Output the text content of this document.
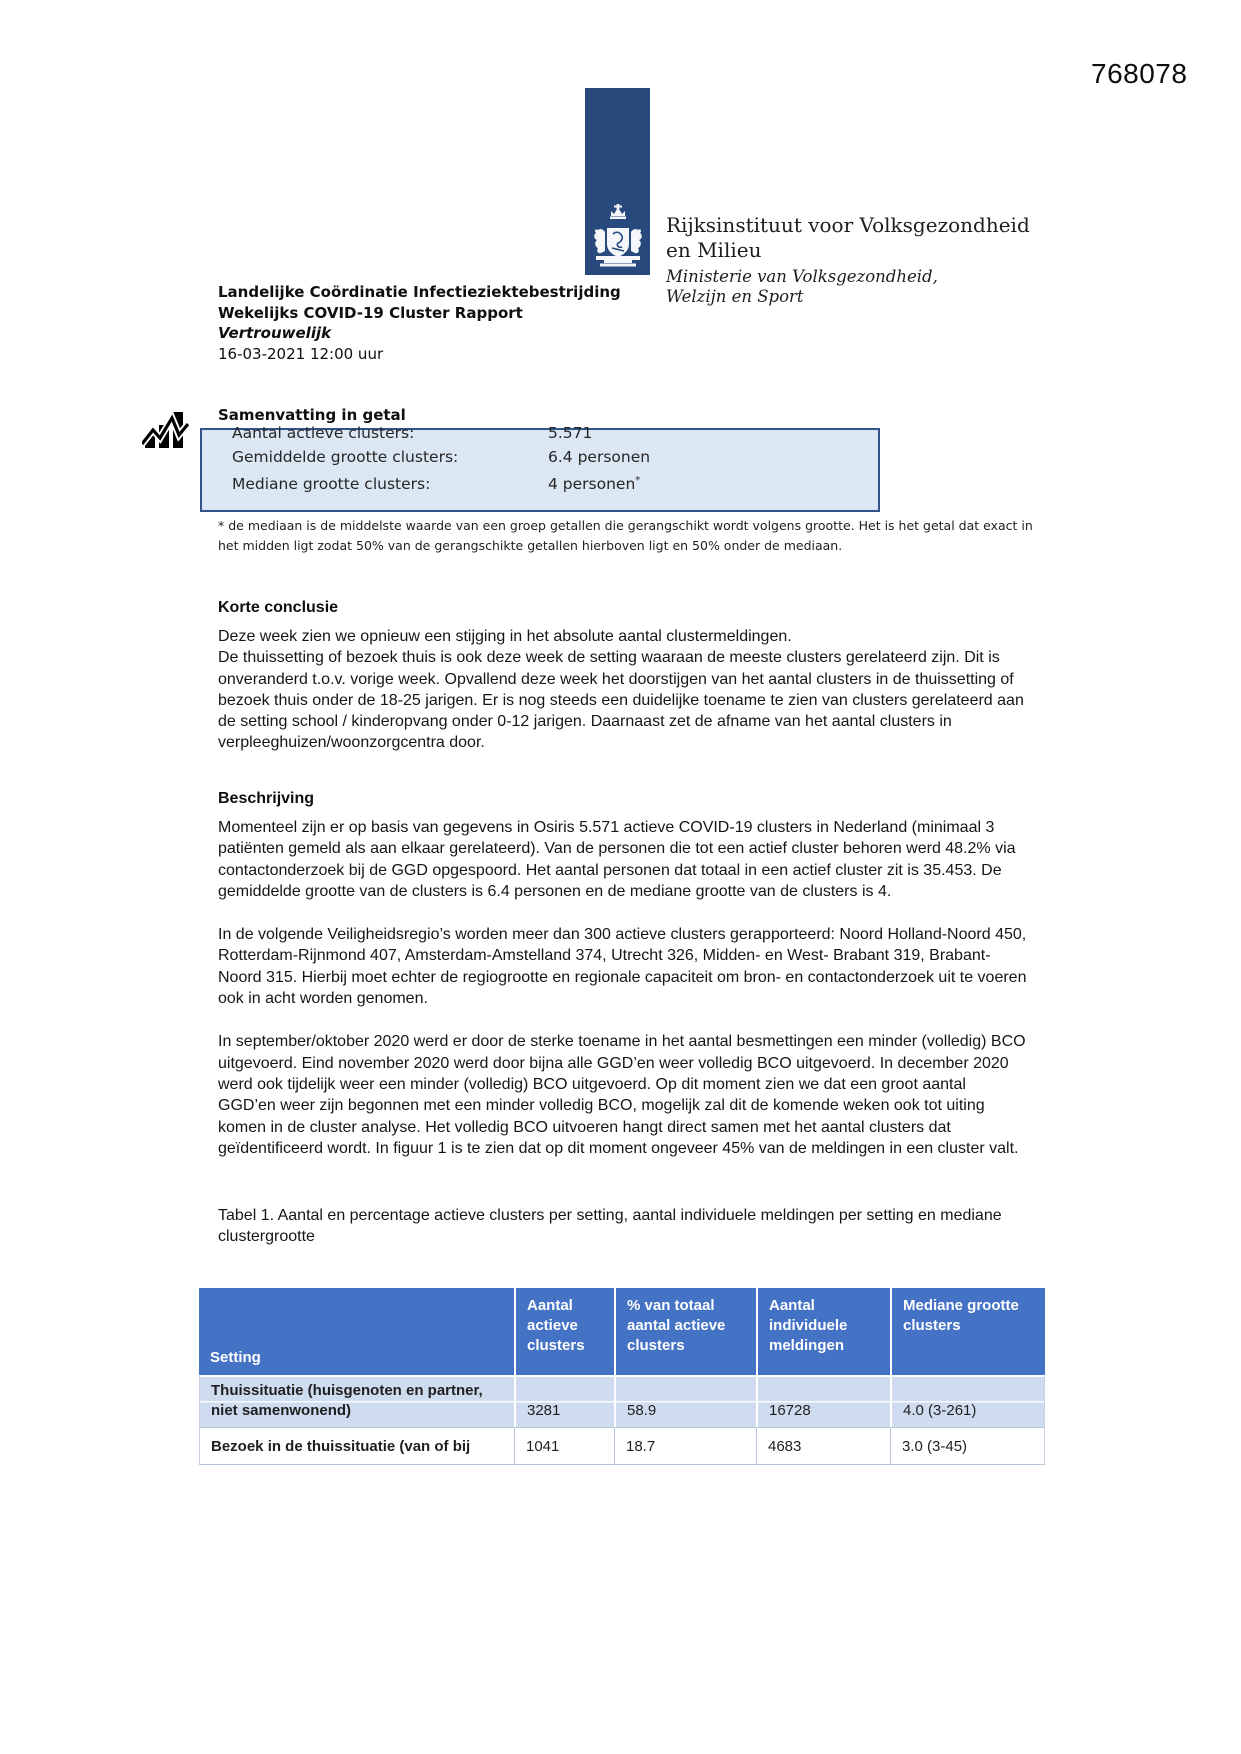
768078
Rijksinstituut voor Volksgezondheid
en Milieu
Ministerie van Volksgezondheid,
Welzijn en Sport
Landelijke Coördinatie Infectieziektebestrijding
Wekelijks COVID-19 Cluster Rapport
Vertrouwelijk
16-03-2021 12:00 uur
Samenvatting in getal
Aantal actieve clusters:	5.571
Gemiddelde grootte clusters:	6.4 personen
Mediane grootte clusters:	4 personen*
* de mediaan is de middelste waarde van een groep getallen die gerangschikt wordt volgens grootte. Het is het getal dat exact in het midden ligt zodat 50% van de gerangschikte getallen hierboven ligt en 50% onder de mediaan.
Korte conclusie

Deze week zien we opnieuw een stijging in het absolute aantal clustermeldingen.

De thuissetting of bezoek thuis is ook deze week de setting waaraan de meeste clusters gerelateerd zijn. Dit is onveranderd t.o.v. vorige week. Opvallend deze week het doorstijgen van het aantal clusters in de thuissetting of bezoek thuis onder de 18-25 jarigen. Er is nog steeds een duidelijke toename te zien van clusters gerelateerd aan de setting school / kinderopvang onder 0-12 jarigen. Daarnaast zet de afname van het aantal clusters in verpleeghuizen/woonzorgcentra door.

Beschrijving

Momenteel zijn er op basis van gegevens in Osiris 5.571 actieve COVID-19 clusters in Nederland (minimaal 3 patiënten gemeld als aan elkaar gerelateerd). Van de personen die tot een actief cluster behoren werd 48.2% via contactonderzoek bij de GGD opgespoord. Het aantal personen dat totaal in een actief cluster zit is 35.453. De gemiddelde grootte van de clusters is 6.4 personen en de mediane grootte van de clusters is 4.

In de volgende Veiligheidsregio’s worden meer dan 300 actieve clusters gerapporteerd: Noord Holland-Noord 450, Rotterdam-Rijnmond 407, Amsterdam-Amstelland 374, Utrecht 326, Midden- en West- Brabant 319, Brabant-Noord 315. Hierbij moet echter de regiogrootte en regionale capaciteit om bron- en contactonderzoek uit te voeren ook in acht worden genomen.

In september/oktober 2020 werd er door de sterke toename in het aantal besmettingen een minder (volledig) BCO uitgevoerd. Eind november 2020 werd door bijna alle GGD’en weer volledig BCO uitgevoerd. In december 2020 werd ook tijdelijk weer een minder (volledig) BCO uitgevoerd. Op dit moment zien we dat een groot aantal GGD’en weer zijn begonnen met een minder volledig BCO, mogelijk zal dit de komende weken ook tot uiting komen in de cluster analyse. Het volledig BCO uitvoeren hangt direct samen met het aantal clusters dat geïdentificeerd wordt. In figuur 1 is te zien dat op dit moment ongeveer 45% van de meldingen in een cluster valt.

Tabel 1. Aantal en percentage actieve clusters per setting, aantal individuele meldingen per setting en mediane clustergrootte
Setting	Aantal actieve clusters	% van totaal aantal actieve clusters	Aantal individuele meldingen	Mediane grootte clusters
Thuissituatie (huisgenoten en partner, niet samenwonend)	3281	58.9	16728	4.0 (3-261)
Bezoek in de thuissituatie (van of bij	1041	18.7	4683	3.0 (3-45)
